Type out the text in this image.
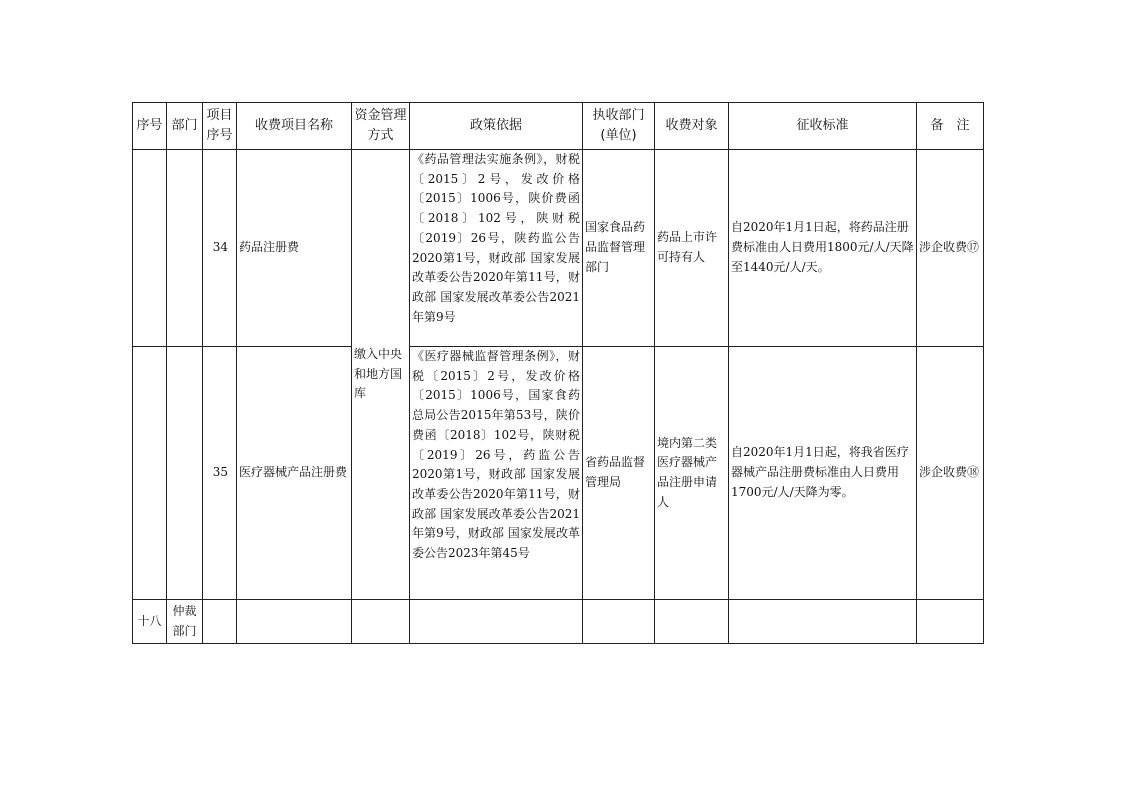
序号	部门	项目序号	收费项目名称	资金管理方式	政策依据	执收部门(单位)	收费对象	征收标准	备　注
		34	药品注册费	缴入中央和地方国库	《药品管理法实施条例》，财税〔2015〕2号，发改价格〔2015〕1006号，陕价费函〔2018〕102号，陕财税〔2019〕26号，陕药监公告2020第1号，财政部 国家发展改革委公告2020年第11号，财政部 国家发展改革委公告2021年第9号	国家食品药品监督管理部门	药品上市许可持有人	自2020年1月1日起，将药品注册费标准由人日费用1800元/人/天降至1440元/人/天。	涉企收费⑰
		35	医疗器械产品注册费		《医疗器械监督管理条例》，财税〔2015〕2号，发改价格〔2015〕1006号，国家食药总局公告2015年第53号，陕价费函〔2018〕102号，陕财税〔2019〕26号，药监公告2020第1号，财政部 国家发展改革委公告2020年第11号，财政部 国家发展改革委公告2021年第9号，财政部 国家发展改革委公告2023年第45号	省药品监督管理局	境内第二类医疗器械产品注册申请人	自2020年1月1日起，将我省医疗器械产品注册费标准由人日费用1700元/人/天降为零。	涉企收费⑱
十八	仲裁部门								
